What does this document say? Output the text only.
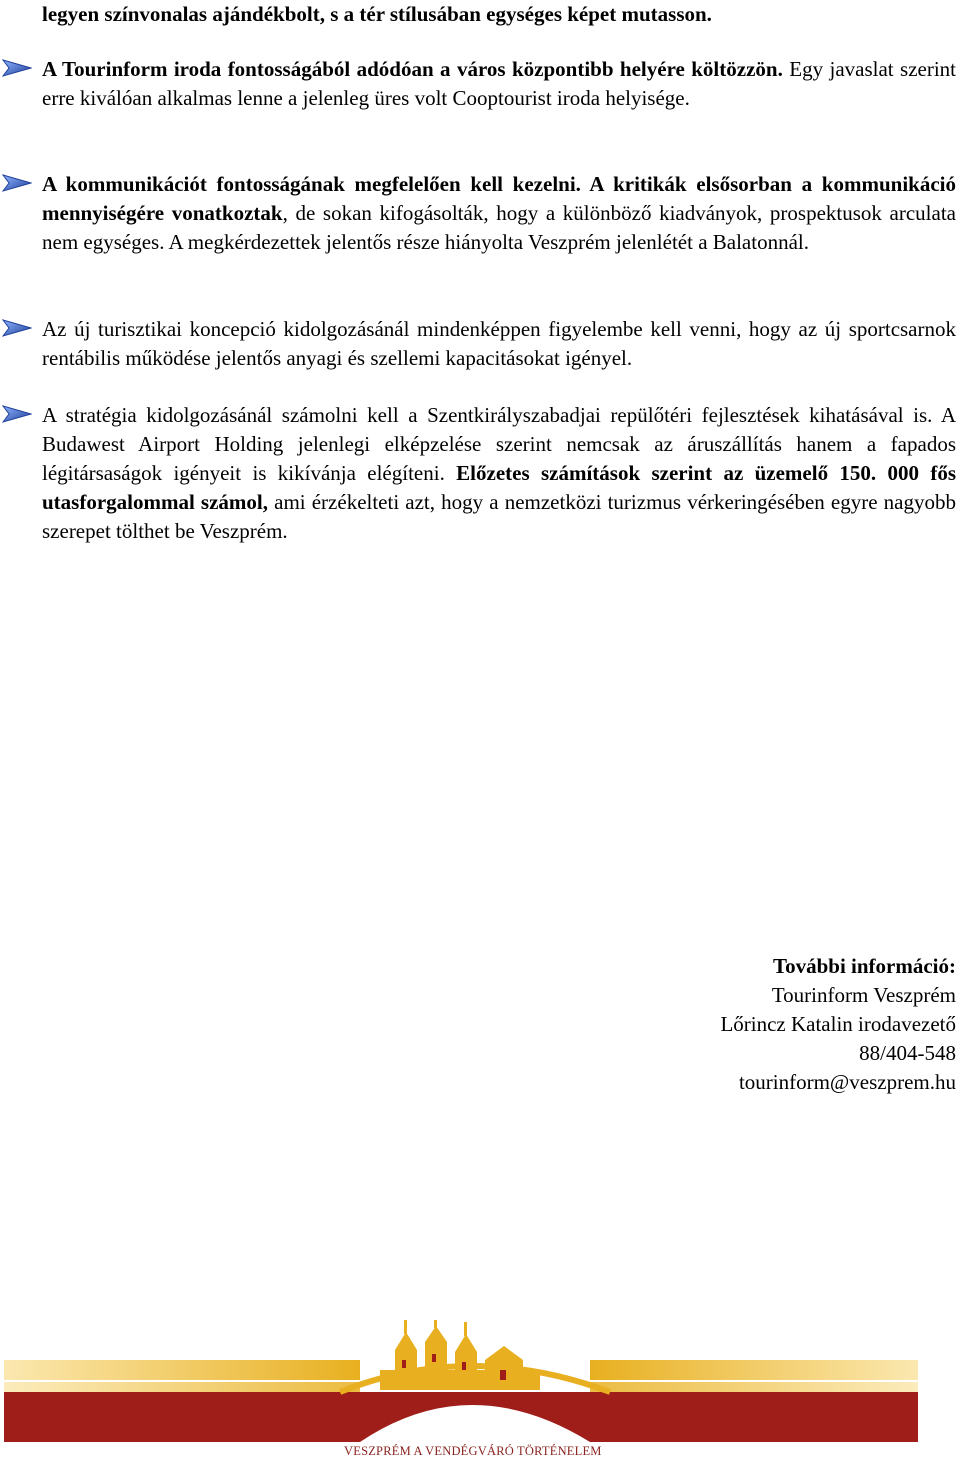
legyen színvonalas ajándékbolt, s a tér stílusában egységes képet mutasson.

A Tourinform iroda fontosságából adódóan a város központibb helyére költözzön. Egy javaslat szerint erre kiválóan alkalmas lenne a jelenleg üres volt Cooptourist iroda helyisége.

A kommunikációt fontosságának megfelelően kell kezelni. A kritikák elsősorban a kommunikáció mennyiségére vonatkoztak, de sokan kifogásolták, hogy a különböző kiadványok, prospektusok arculata nem egységes. A megkérdezettek jelentős része hiányolta Veszprém jelenlétét a Balatonnál.

Az új turisztikai koncepció kidolgozásánál mindenképpen figyelembe kell venni, hogy az új sportcsarnok rentábilis működése jelentős anyagi és szellemi kapacitásokat igényel.

A stratégia kidolgozásánál számolni kell a Szentkirályszabadjai repülőtéri fejlesztések kihatásával is. A Budawest Airport Holding jelenlegi elképzelése szerint nemcsak az áruszállítás hanem a fapados légitársaságok igényeit is kikívánja elégíteni. Előzetes számítások szerint az üzemelő 150. 000 fős utasforgalommal számol, ami érzékelteti azt, hogy a nemzetközi turizmus vérkeringésében egyre nagyobb szerepet tölthet be Veszprém.

További információ:
Tourinform Veszprém
Lőrincz Katalin irodavezető
88/404-548
tourinform@veszprem.hu
VESZPRÉM A VENDÉGVÁRÓ TÖRTÉNELEM
